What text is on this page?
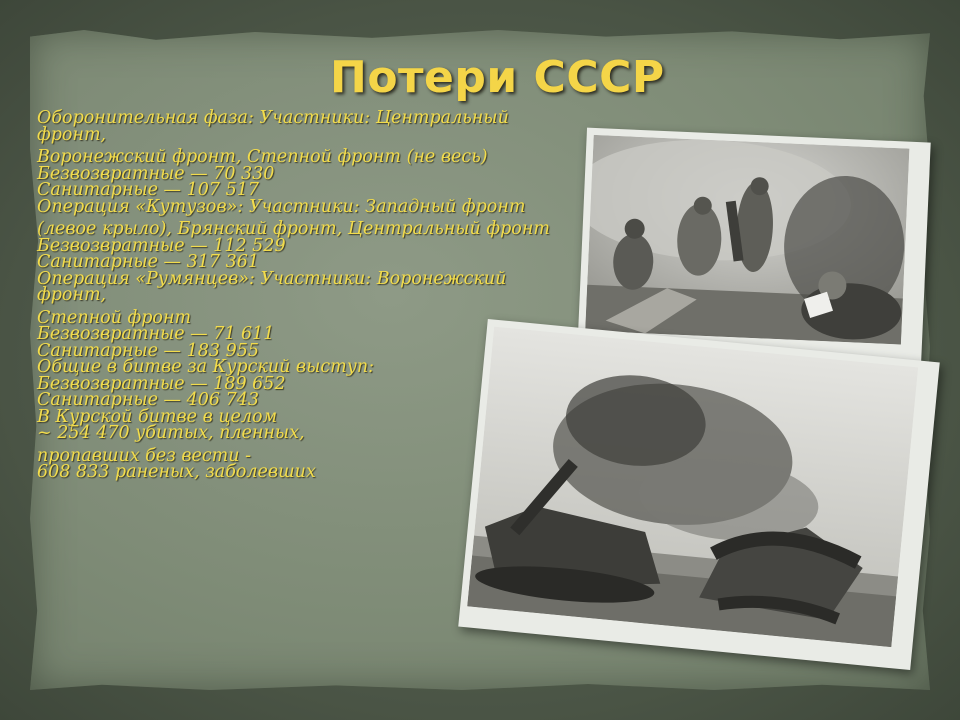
Потери СССР

Оборонительная фаза: Участники: Центральный фронт,

Воронежский фронт, Степной фронт (не весь)

Безвозвратные — 70 330

Санитарные — 107 517

Операция «Кутузов»: Участники: Западный фронт

(левое крыло), Брянский фронт, Центральный фронт

Безвозвратные — 112 529

Санитарные — 317 361

Операция «Румянцев»: Участники: Воронежский фронт,

Степной фронт

Безвозвратные — 71 611

Санитарные — 183 955

Общие в битве за Курский выступ:

Безвозвратные — 189 652

Санитарные — 406 743

В Курской битве в целом

~ 254 470 убитых, пленных,

пропавших без вести -

608 833 раненых, заболевших
